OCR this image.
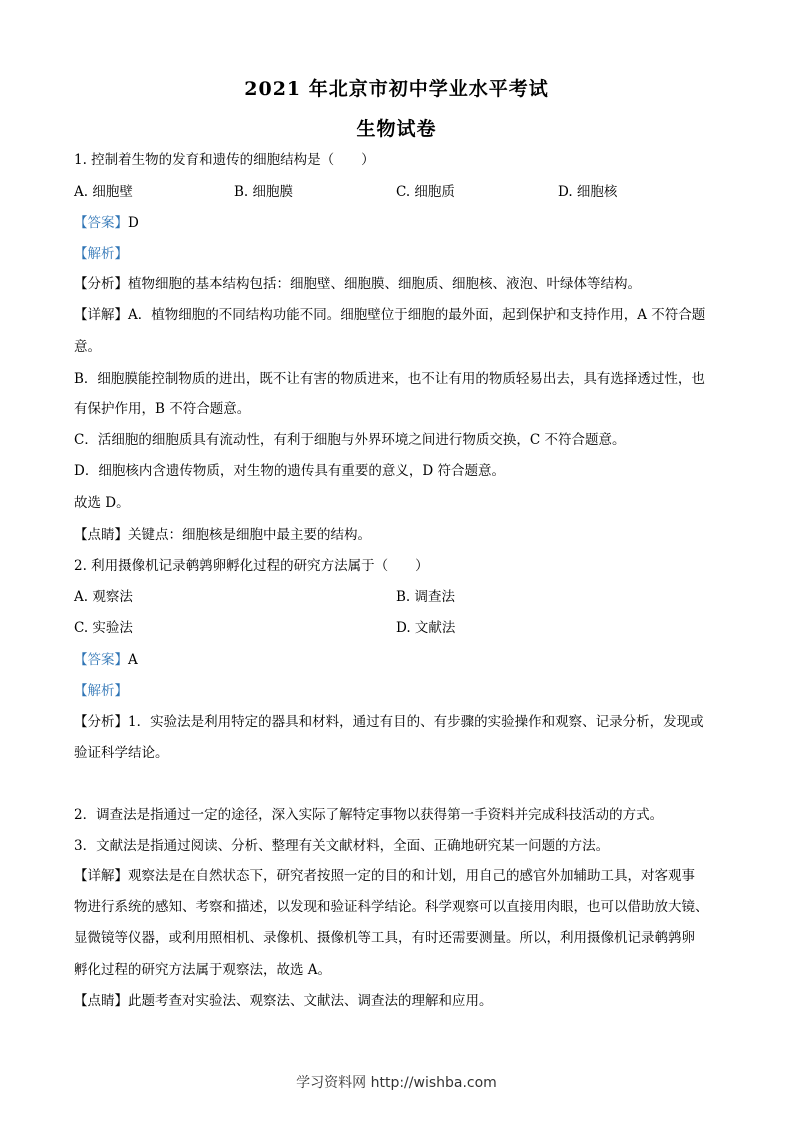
2021 年北京市初中学业水平考试
生物试卷
1. 控制着生物的发育和遗传的细胞结构是（　　）
A. 细胞壁	B. 细胞膜	C. 细胞质	D. 细胞核
【答案】D
【解析】
【分析】植物细胞的基本结构包括：细胞壁、细胞膜、细胞质、细胞核、液泡、叶绿体等结构。
【详解】A．植物细胞的不同结构功能不同。细胞壁位于细胞的最外面，起到保护和支持作用，A 不符合题
意。
B．细胞膜能控制物质的进出，既不让有害的物质进来，也不让有用的物质轻易出去，具有选择透过性，也
有保护作用，B 不符合题意。
C．活细胞的细胞质具有流动性，有利于细胞与外界环境之间进行物质交换，C 不符合题意。
D．细胞核内含遗传物质，对生物的遗传具有重要的意义，D 符合题意。
故选 D。
【点睛】关键点：细胞核是细胞中最主要的结构。
2. 利用摄像机记录鹌鹑卵孵化过程的研究方法属于（　　）
A. 观察法	B. 调查法
C. 实验法	D. 文献法
【答案】A
【解析】
【分析】1．实验法是利用特定的器具和材料，通过有目的、有步骤的实验操作和观察、记录分析，发现或
验证科学结论。
2．调查法是指通过一定的途径，深入实际了解特定事物以获得第一手资料并完成科技活动的方式。
3．文献法是指通过阅读、分析、整理有关文献材料，全面、正确地研究某一问题的方法。
【详解】观察法是在自然状态下，研究者按照一定的目的和计划，用自己的感官外加辅助工具，对客观事
物进行系统的感知、考察和描述，以发现和验证科学结论。科学观察可以直接用肉眼，也可以借助放大镜、
显微镜等仪器，或利用照相机、录像机、摄像机等工具，有时还需要测量。所以，利用摄像机记录鹌鹑卵
孵化过程的研究方法属于观察法，故选 A。
【点睛】此题考查对实验法、观察法、文献法、调查法的理解和应用。
学习资料网 http://wishba.com
